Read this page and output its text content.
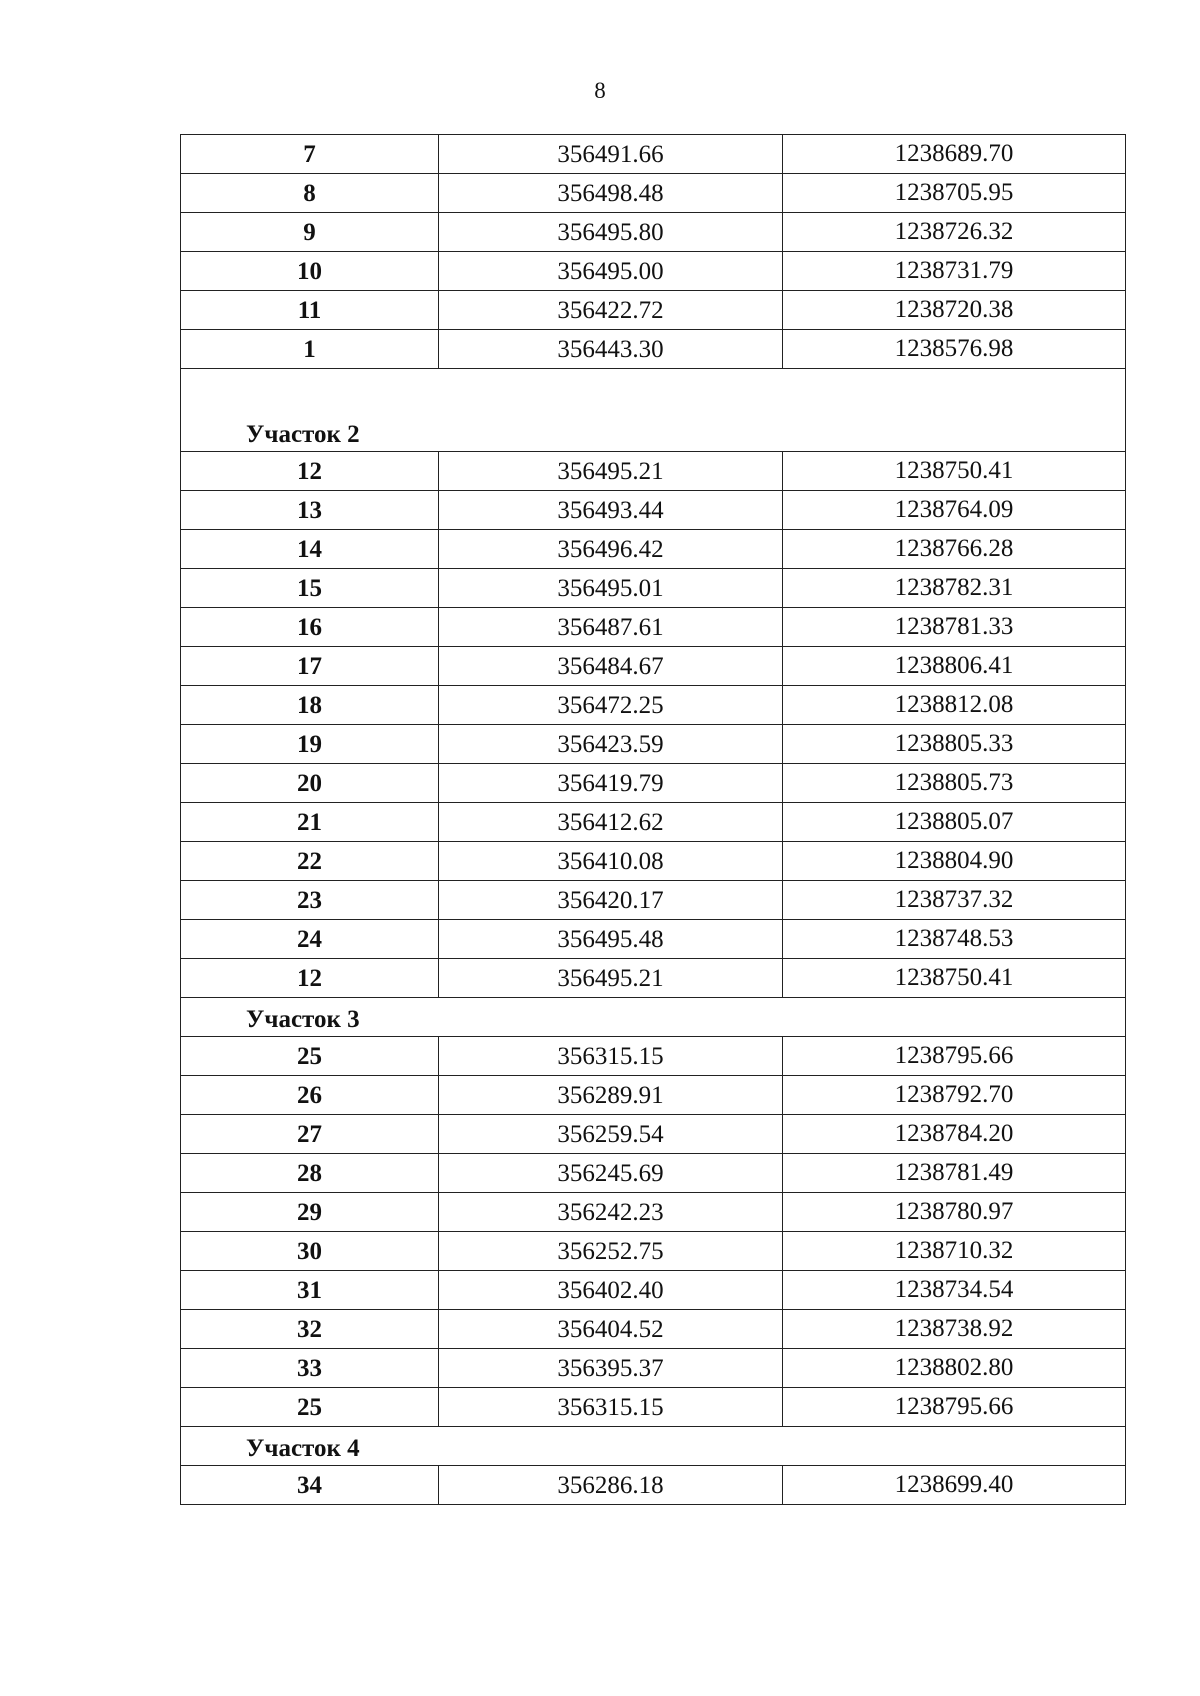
8
7	356491.66	1238689.70
8	356498.48	1238705.95
9	356495.80	1238726.32
10	356495.00	1238731.79
11	356422.72	1238720.38
1	356443.30	1238576.98
Участок 2		
12	356495.21	1238750.41
13	356493.44	1238764.09
14	356496.42	1238766.28
15	356495.01	1238782.31
16	356487.61	1238781.33
17	356484.67	1238806.41
18	356472.25	1238812.08
19	356423.59	1238805.33
20	356419.79	1238805.73
21	356412.62	1238805.07
22	356410.08	1238804.90
23	356420.17	1238737.32
24	356495.48	1238748.53
12	356495.21	1238750.41
Участок 3		
25	356315.15	1238795.66
26	356289.91	1238792.70
27	356259.54	1238784.20
28	356245.69	1238781.49
29	356242.23	1238780.97
30	356252.75	1238710.32
31	356402.40	1238734.54
32	356404.52	1238738.92
33	356395.37	1238802.80
25	356315.15	1238795.66
Участок 4		
34	356286.18	1238699.40
